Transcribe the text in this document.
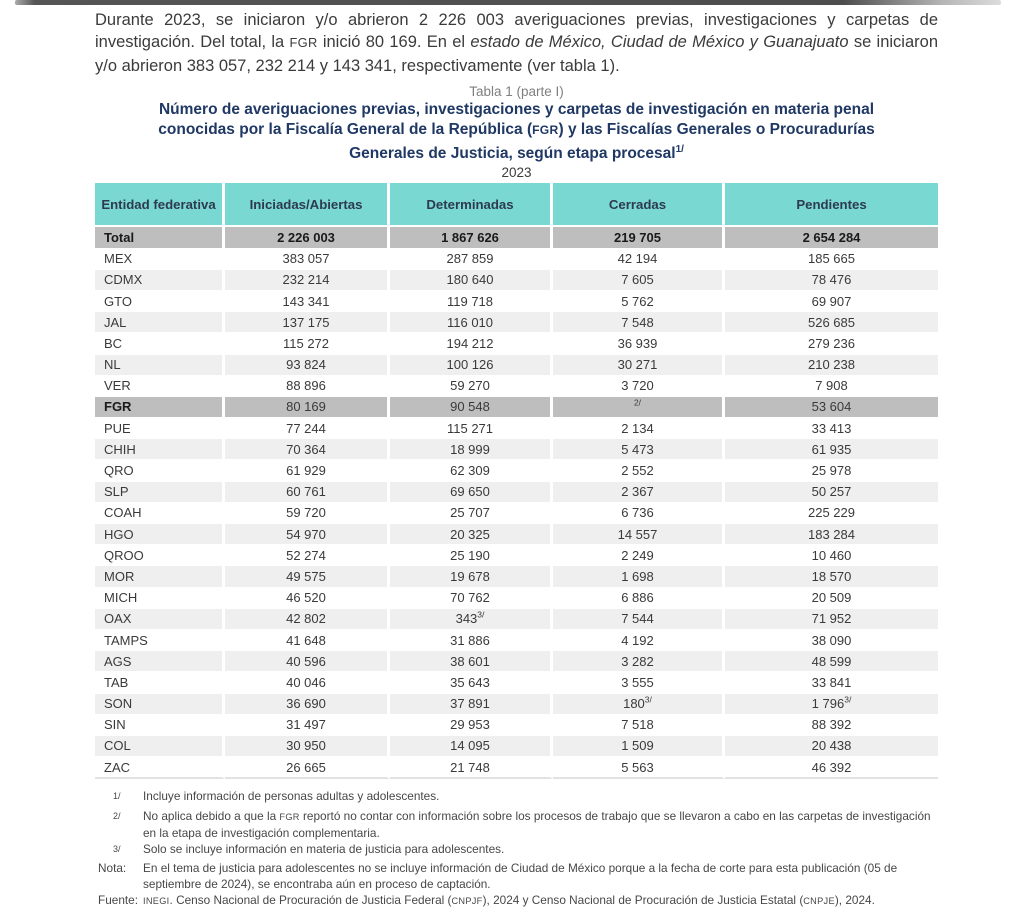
Durante 2023, se iniciaron y/o abrieron 2 226 003 averiguaciones previas, investigaciones y carpetas de investigación. Del total, la FGR inició 80 169. En el estado de México, Ciudad de México y Guanajuato se iniciaron y/o abrieron 383 057, 232 214 y 143 341, respectivamente (ver tabla 1).

Tabla 1 (parte I)
Número de averiguaciones previas, investigaciones y carpetas de investigación en materia penal conocidas por la Fiscalía General de la República (FGR) y las Fiscalías Generales o Procuradurías Generales de Justicia, según etapa procesal$^{1/}$
2023
Entidad federativa	Iniciadas/Abiertas	Determinadas	Cerradas	Pendientes
Total	2 226 003	1 867 626	219 705	2 654 284
MEX	383 057	287 859	42 194	185 665
CDMX	232 214	180 640	7 605	78 476
GTO	143 341	119 718	5 762	69 907
JAL	137 175	116 010	7 548	526 685
BC	115 272	194 212	36 939	279 236
NL	93 824	100 126	30 271	210 238
VER	88 896	59 270	3 720	7 908
FGR	80 169	90 548	$^{2/}$	53 604
PUE	77 244	115 271	2 134	33 413
CHIH	70 364	18 999	5 473	61 935
QRO	61 929	62 309	2 552	25 978
SLP	60 761	69 650	2 367	50 257
COAH	59 720	25 707	6 736	225 229
HGO	54 970	20 325	14 557	183 284
QROO	52 274	25 190	2 249	10 460
MOR	49 575	19 678	1 698	18 570
MICH	46 520	70 762	6 886	20 509
OAX	42 802	$343^{3/}$	7 544	71 952
TAMPS	41 648	31 886	4 192	38 090
AGS	40 596	38 601	3 282	48 599
TAB	40 046	35 643	3 555	33 841
SON	36 690	37 891	$180^{3/}$	1 $796^{3/}$
SIN	31 497	29 953	7 518	88 392
COL	30 950	14 095	1 509	20 438
ZAC	26 665	21 748	5 563	46 392
$^{1/}$	Incluye información de personas adultas y adolescentes.
$^{2/}$	No aplica debido a que la FGR reportó no contar con información sobre los procesos de trabajo que se llevaron a cabo en las carpetas de investigación en la etapa de investigación complementaria.
$^{3/}$	Solo se incluye información en materia de justicia para adolescentes.
Nota:	En el tema de justicia para adolescentes no se incluye información de Ciudad de México porque a la fecha de corte para esta publicación (05 de septiembre de 2024), se encontraba aún en proceso de captación.
Fuente: INEGI. Censo Nacional de Procuración de Justicia Federal (CNPJF), 2024 y Censo Nacional de Procuración de Justicia Estatal (CNPJE), 2024.
